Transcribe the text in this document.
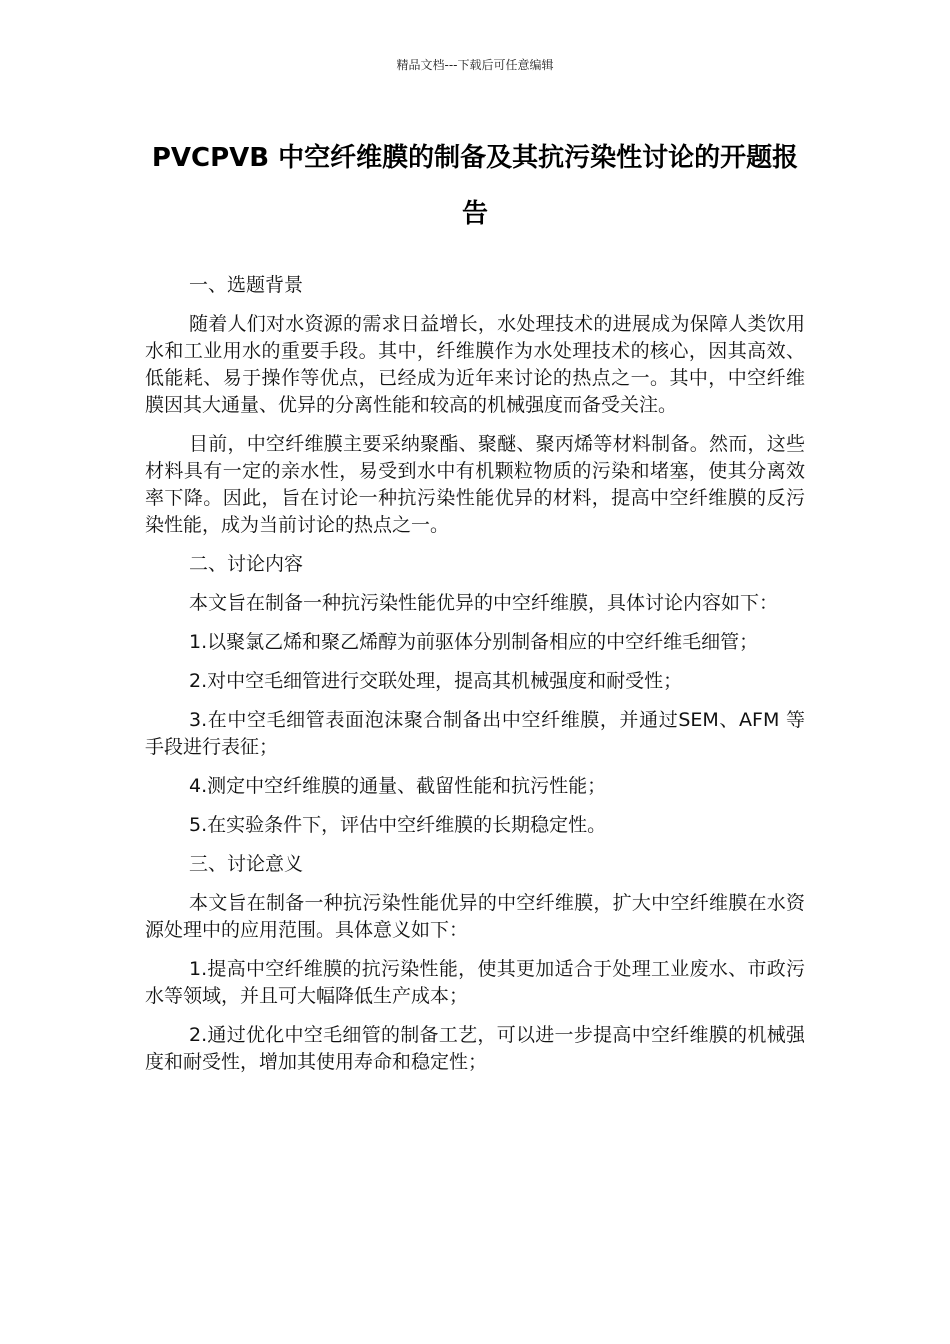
精品文档---下载后可任意编辑
PVCPVB 中空纤维膜的制备及其抗污染性讨论的开题报告

一、选题背景

随着人们对水资源的需求日益增长，水处理技术的进展成为保障人类饮用水和工业用水的重要手段。其中，纤维膜作为水处理技术的核心，因其高效、低能耗、易于操作等优点，已经成为近年来讨论的热点之一。其中，中空纤维膜因其大通量、优异的分离性能和较高的机械强度而备受关注。

目前，中空纤维膜主要采纳聚酯、聚醚、聚丙烯等材料制备。然而，这些材料具有一定的亲水性，易受到水中有机颗粒物质的污染和堵塞，使其分离效率下降。因此，旨在讨论一种抗污染性能优异的材料，提高中空纤维膜的反污染性能，成为当前讨论的热点之一。

二、讨论内容

本文旨在制备一种抗污染性能优异的中空纤维膜，具体讨论内容如下：

1.以聚氯乙烯和聚乙烯醇为前驱体分别制备相应的中空纤维毛细管；

2.对中空毛细管进行交联处理，提高其机械强度和耐受性；

3.在中空毛细管表面泡沫聚合制备出中空纤维膜，并通过SEM、AFM 等手段进行表征；

4.测定中空纤维膜的通量、截留性能和抗污性能；

5.在实验条件下，评估中空纤维膜的长期稳定性。

三、讨论意义

本文旨在制备一种抗污染性能优异的中空纤维膜，扩大中空纤维膜在水资源处理中的应用范围。具体意义如下：

1.提高中空纤维膜的抗污染性能，使其更加适合于处理工业废水、市政污水等领域，并且可大幅降低生产成本；

2.通过优化中空毛细管的制备工艺，可以进一步提高中空纤维膜的机械强度和耐受性，增加其使用寿命和稳定性；
